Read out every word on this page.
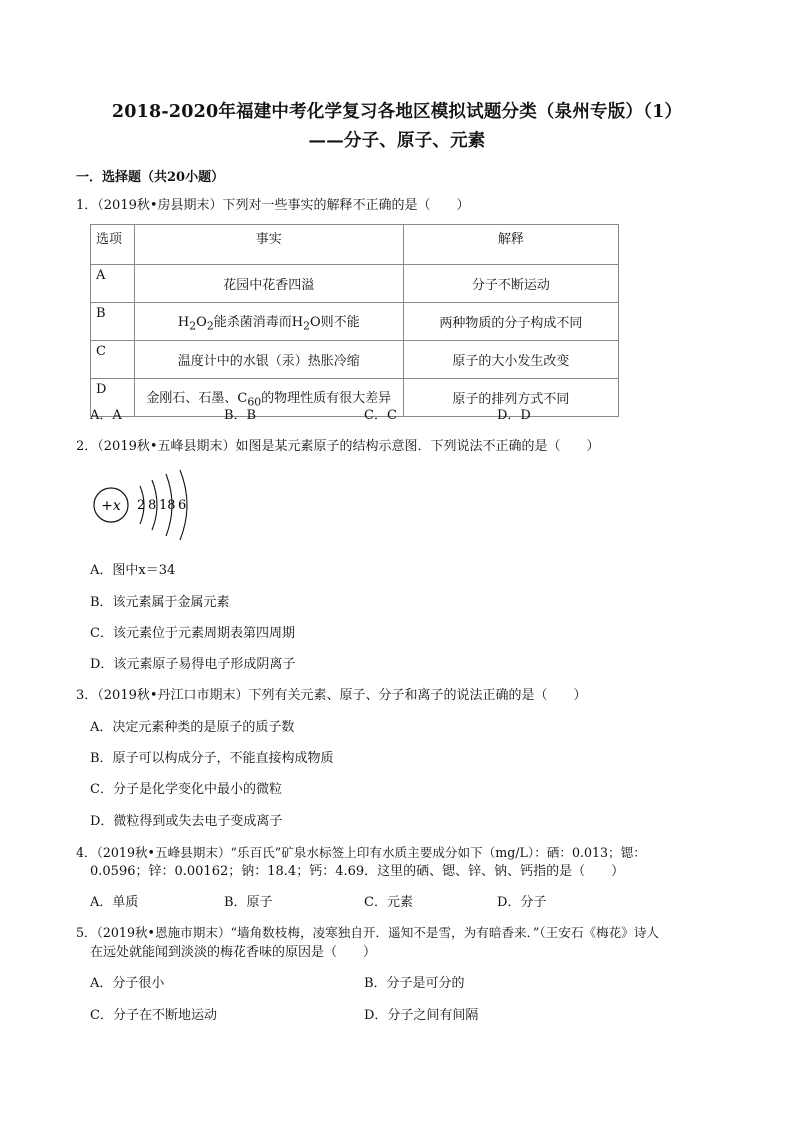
2018-2020年福建中考化学复习各地区模拟试题分类（泉州专版）（1）
——分子、原子、元素
一．选择题（共20小题）
1．（2019秋•房县期末）下列对一些事实的解释不正确的是（　　）
选项	事实	解释
A	花园中花香四溢	分子不断运动
B	$H_2O_2$能杀菌消毒而$H_2O$则不能	两种物质的分子构成不同
C	温度计中的水银（汞）热胀冷缩	原子的大小发生改变
D	金刚石、石墨、$C_{60}$的物理性质有很大差异	原子的排列方式不同
A．A	B．B	C．C	D．D
2．（2019秋•五峰县期末）如图是某元素原子的结构示意图．下列说法不正确的是（　　）
+x 2 8 18 6
A．图中x＝34
B．该元素属于金属元素
C．该元素位于元素周期表第四周期
D．该元素原子易得电子形成阴离子
3．（2019秋•丹江口市期末）下列有关元素、原子、分子和离子的说法正确的是（　　）
A．决定元素种类的是原子的质子数
B．原子可以构成分子，不能直接构成物质
C．分子是化学变化中最小的微粒
D．微粒得到或失去电子变成离子
4．（2019秋•五峰县期末）“乐百氏”矿泉水标签上印有水质主要成分如下（mg/L）：硒：0.013；锶：
0.0596；锌：0.00162；钠：18.4；钙：4.69．这里的硒、锶、锌、钠、钙指的是（　　）
A．单质	B．原子	C．元素	D．分子
5．（2019秋•恩施市期末）“墙角数枝梅，凌寒独自开．遥知不是雪，为有暗香来．”（王安石《梅花》诗人
在远处就能闻到淡淡的梅花香味的原因是（　　）
A．分子很小	B．分子是可分的
C．分子在不断地运动	D．分子之间有间隔
